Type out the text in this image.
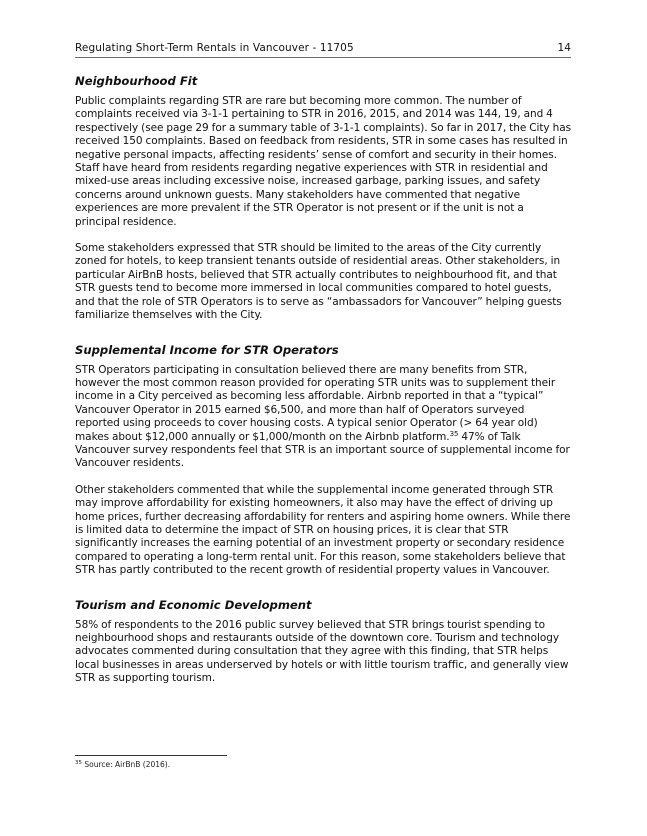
Regulating Short-Term Rentals in Vancouver - 11705	14
Neighbourhood Fit

Public complaints regarding STR are rare but becoming more common. The number of complaints received via 3-1-1 pertaining to STR in 2016, 2015, and 2014 was 144, 19, and 4 respectively (see page 29 for a summary table of 3-1-1 complaints). So far in 2017, the City has received 150 complaints. Based on feedback from residents, STR in some cases has resulted in negative personal impacts, affecting residents’ sense of comfort and security in their homes. Staff have heard from residents regarding negative experiences with STR in residential and mixed-use areas including excessive noise, increased garbage, parking issues, and safety concerns around unknown guests. Many stakeholders have commented that negative experiences are more prevalent if the STR Operator is not present or if the unit is not a principal residence.

Some stakeholders expressed that STR should be limited to the areas of the City currently zoned for hotels, to keep transient tenants outside of residential areas. Other stakeholders, in particular AirBnB hosts, believed that STR actually contributes to neighbourhood fit, and that STR guests tend to become more immersed in local communities compared to hotel guests, and that the role of STR Operators is to serve as “ambassadors for Vancouver” helping guests familiarize themselves with the City.

Supplemental Income for STR Operators

STR Operators participating in consultation believed there are many benefits from STR, however the most common reason provided for operating STR units was to supplement their income in a City perceived as becoming less affordable. Airbnb reported in that a “typical” Vancouver Operator in 2015 earned $6,500, and more than half of Operators surveyed reported using proceeds to cover housing costs. A typical senior Operator (> 64 year old) makes about $12,000 annually or $1,000/month on the Airbnb platform.$^{35}$ 47% of Talk Vancouver survey respondents feel that STR is an important source of supplemental income for Vancouver residents.

Other stakeholders commented that while the supplemental income generated through STR may improve affordability for existing homeowners, it also may have the effect of driving up home prices, further decreasing affordability for renters and aspiring home owners. While there is limited data to determine the impact of STR on housing prices, it is clear that STR significantly increases the earning potential of an investment property or secondary residence compared to operating a long-term rental unit. For this reason, some stakeholders believe that STR has partly contributed to the recent growth of residential property values in Vancouver.

Tourism and Economic Development

58% of respondents to the 2016 public survey believed that STR brings tourist spending to neighbourhood shops and restaurants outside of the downtown core. Tourism and technology advocates commented during consultation that they agree with this finding, that STR helps local businesses in areas underserved by hotels or with little tourism traffic, and generally view STR as supporting tourism.

$^{35}$ Source: AirBnB (2016).
